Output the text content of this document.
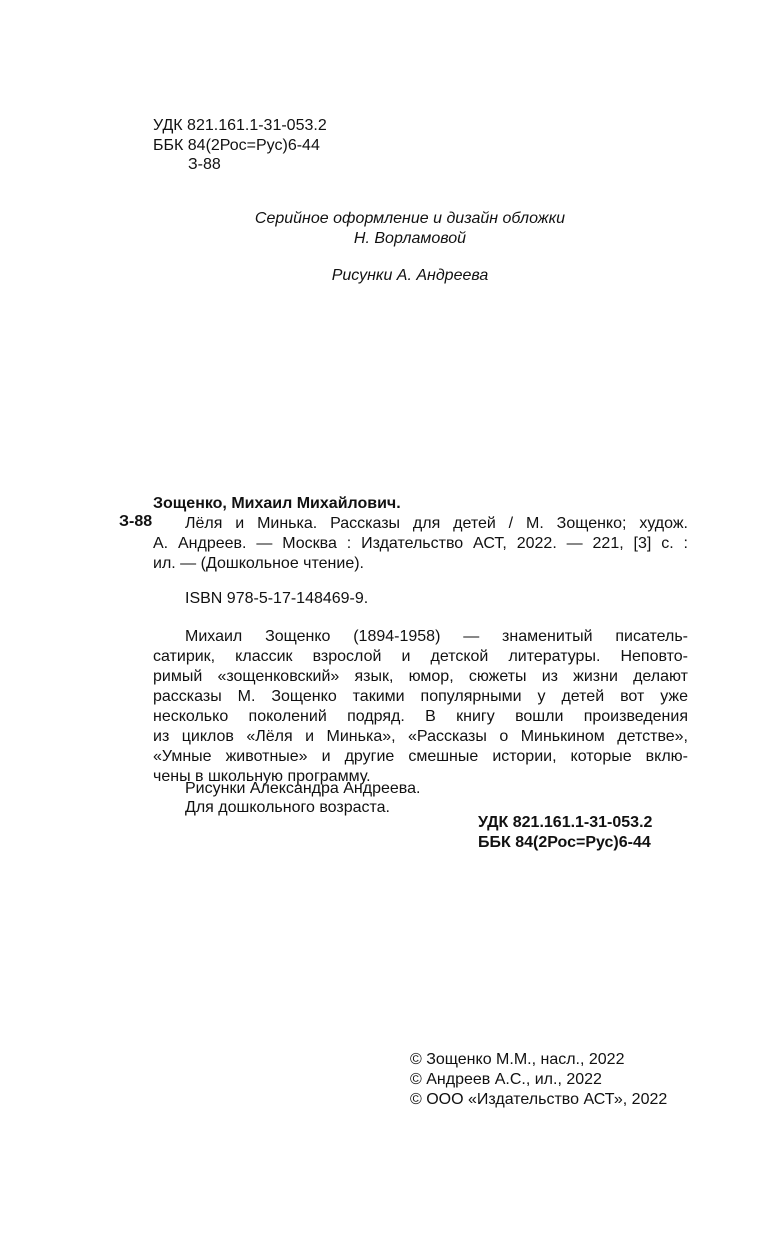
УДК 821.161.1-31-053.2
ББК 84(2Рос=Рус)6-44
З-88
Серийное оформление и дизайн обложки
Н. Ворламовой
Рисунки А. Андреева
Зощенко, Михаил Михайлович.
З-88	Лёля и Минька. Рассказы для детей / М. Зощенко; худож.
А. Андреев. — Москва : Издательство АСТ, 2022. — 221, [3] с. :
ил. — (Дошкольное чтение).
ISBN 978-5-17-148469-9.
Михаил Зощенко (1894-1958) — знаменитый писатель-
сатирик, классик взрослой и детской литературы. Неповто-
римый «зощенковский» язык, юмор, сюжеты из жизни делают
рассказы М. Зощенко такими популярными у детей вот уже
несколько поколений подряд. В книгу вошли произведения
из циклов «Лёля и Минька», «Рассказы о Минькином детстве»,
«Умные животные» и другие смешные истории, которые вклю-
чены в школьную программу.
Рисунки Александра Андреева.
Для дошкольного возраста.
УДК 821.161.1-31-053.2
ББК 84(2Рос=Рус)6-44
© Зощенко М.М., насл., 2022
© Андреев А.С., ил., 2022
© ООО «Издательство АСТ», 2022
